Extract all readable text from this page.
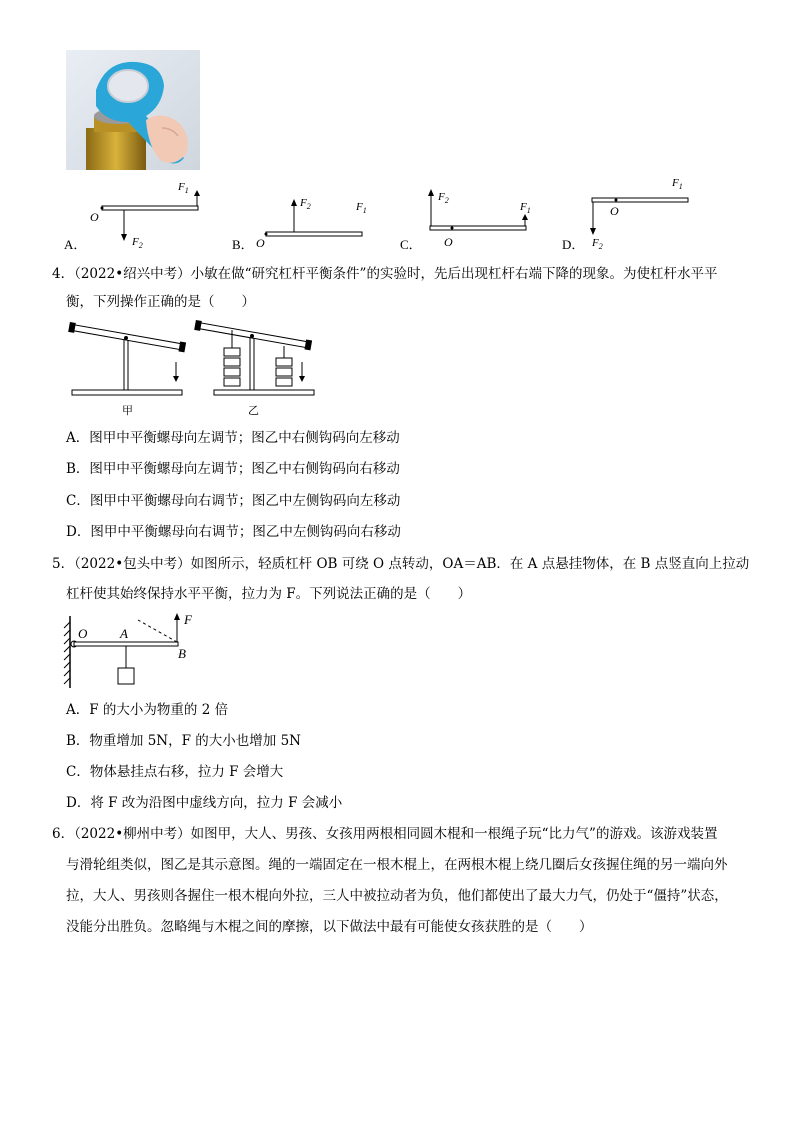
A．
O
$F_1$
$F_2$	B． O
$F_2$	$F_1$
C． O
$F_2$
$F_1$
D．
O
$F_2$
$F_1$
4．（2022•绍兴中考）小敏在做“研究杠杆平衡条件”的实验时，先后出现杠杆右端下降的现象。为使杠杆水平平
衡，下列操作正确的是（　　）
甲	乙
A．图甲中平衡螺母向左调节；图乙中右侧钩码向左移动
B．图甲中平衡螺母向左调节；图乙中右侧钩码向右移动
C．图甲中平衡螺母向右调节；图乙中左侧钩码向左移动
D．图甲中平衡螺母向右调节；图乙中左侧钩码向右移动
5．（2022•包头中考）如图所示，轻质杠杆 OB 可绕 O 点转动，OA＝AB．在 A 点悬挂物体，在 B 点竖直向上拉动
杠杆使其始终保持水平平衡，拉力为 F。下列说法正确的是（　　）
O	A
B
F
A．F 的大小为物重的 2 倍
B．物重增加 5N，F 的大小也增加 5N
C．物体悬挂点右移，拉力 F 会增大
D．将 F 改为沿图中虚线方向，拉力 F 会减小
6．（2022•柳州中考）如图甲，大人、男孩、女孩用两根相同圆木棍和一根绳子玩“比力气”的游戏。该游戏装置
与滑轮组类似，图乙是其示意图。绳的一端固定在一根木棍上，在两根木棍上绕几圈后女孩握住绳的另一端向外
拉，大人、男孩则各握住一根木棍向外拉，三人中被拉动者为负，他们都使出了最大力气，仍处于“僵持”状态，
没能分出胜负。忽略绳与木棍之间的摩擦，以下做法中最有可能使女孩获胜的是（　　）
